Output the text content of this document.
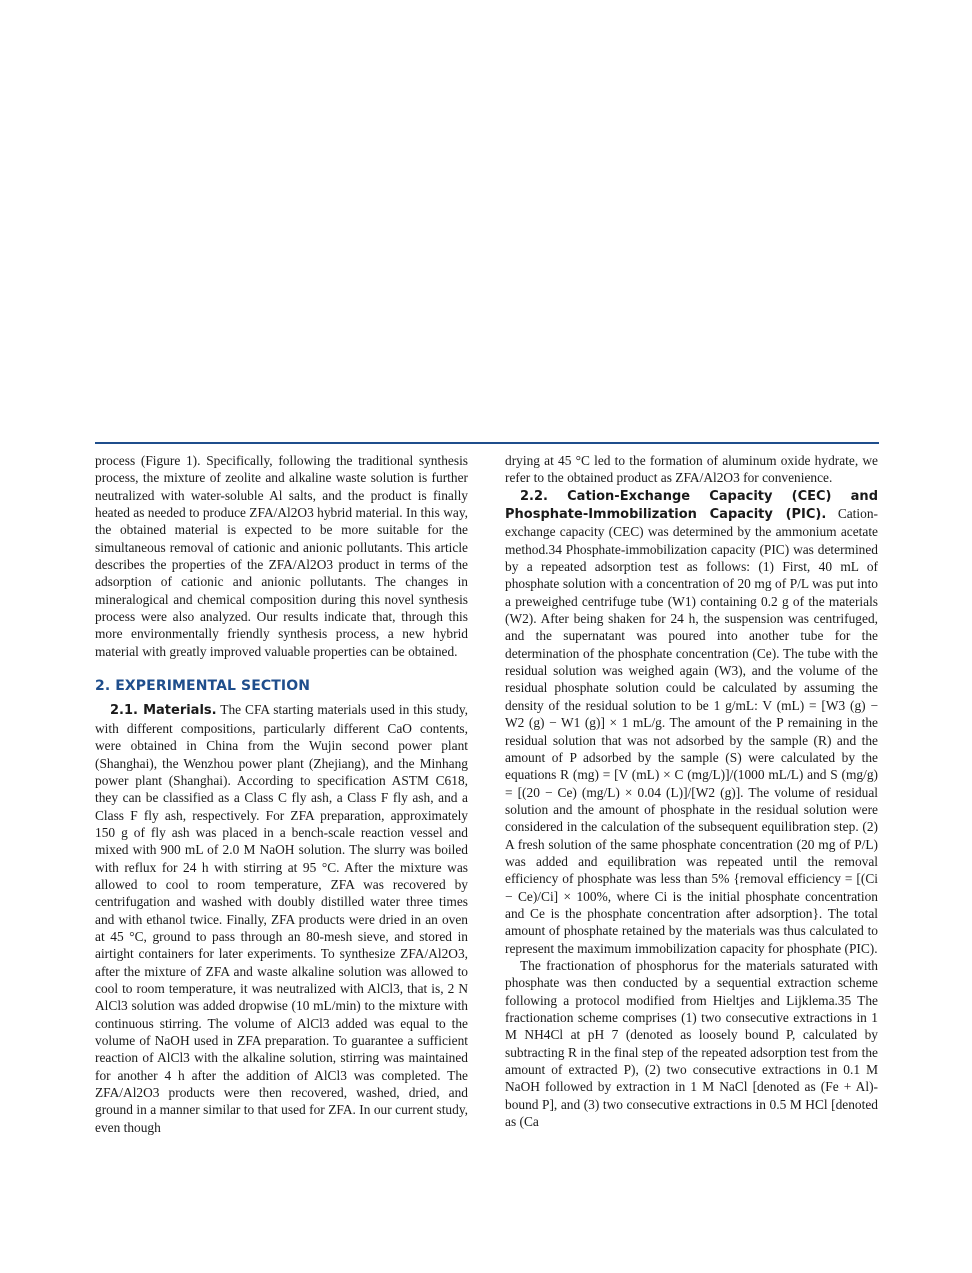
process (Figure 1). Specifically, following the traditional synthesis process, the mixture of zeolite and alkaline waste solution is further neutralized with water-soluble Al salts, and the product is finally heated as needed to produce ZFA/Al2O3 hybrid material. In this way, the obtained material is expected to be more suitable for the simultaneous removal of cationic and anionic pollutants. This article describes the properties of the ZFA/Al2O3 product in terms of the adsorption of cationic and anionic pollutants. The changes in mineralogical and chemical composition during this novel synthesis process were also analyzed. Our results indicate that, through this more environmentally friendly synthesis process, a new hybrid material with greatly improved valuable properties can be obtained.

2. EXPERIMENTAL SECTION

2.1. Materials. The CFA starting materials used in this study, with different compositions, particularly different CaO contents, were obtained in China from the Wujin second power plant (Shanghai), the Wenzhou power plant (Zhejiang), and the Minhang power plant (Shanghai). According to specification ASTM C618, they can be classified as a Class C fly ash, a Class F fly ash, and a Class F fly ash, respectively. For ZFA preparation, approximately 150 g of fly ash was placed in a bench-scale reaction vessel and mixed with 900 mL of 2.0 M NaOH solution. The slurry was boiled with reflux for 24 h with stirring at 95 °C. After the mixture was allowed to cool to room temperature, ZFA was recovered by centrifugation and washed with doubly distilled water three times and with ethanol twice. Finally, ZFA products were dried in an oven at 45 °C, ground to pass through an 80-mesh sieve, and stored in airtight containers for later experiments. To synthesize ZFA/Al2O3, after the mixture of ZFA and waste alkaline solution was allowed to cool to room temperature, it was neutralized with AlCl3, that is, 2 N AlCl3 solution was added dropwise (10 mL/min) to the mixture with continuous stirring. The volume of AlCl3 added was equal to the volume of NaOH used in ZFA preparation. To guarantee a sufficient reaction of AlCl3 with the alkaline solution, stirring was maintained for another 4 h after the addition of AlCl3 was completed. The ZFA/Al2O3 products were then recovered, washed, dried, and ground in a manner similar to that used for ZFA. In our current study, even though

drying at 45 °C led to the formation of aluminum oxide hydrate, we refer to the obtained product as ZFA/Al2O3 for convenience.

2.2. Cation-Exchange Capacity (CEC) and Phosphate-Immobilization Capacity (PIC). Cation-exchange capacity (CEC) was determined by the ammonium acetate method.34 Phosphate-immobilization capacity (PIC) was determined by a repeated adsorption test as follows: (1) First, 40 mL of phosphate solution with a concentration of 20 mg of P/L was put into a preweighed centrifuge tube (W1) containing 0.2 g of the materials (W2). After being shaken for 24 h, the suspension was centrifuged, and the supernatant was poured into another tube for the determination of the phosphate concentration (Ce). The tube with the residual solution was weighed again (W3), and the volume of the residual phosphate solution could be calculated by assuming the density of the residual solution to be 1 g/mL: V (mL) = [W3 (g) − W2 (g) − W1 (g)] × 1 mL/g. The amount of the P remaining in the residual solution that was not adsorbed by the sample (R) and the amount of P adsorbed by the sample (S) were calculated by the equations R (mg) = [V (mL) × C (mg/L)]/(1000 mL/L) and S (mg/g) = [(20 − Ce) (mg/L) × 0.04 (L)]/[W2 (g)]. The volume of residual solution and the amount of phosphate in the residual solution were considered in the calculation of the subsequent equilibration step. (2) A fresh solution of the same phosphate concentration (20 mg of P/L) was added and equilibration was repeated until the removal efficiency of phosphate was less than 5% {removal efficiency = [(Ci − Ce)/Ci] × 100%, where Ci is the initial phosphate concentration and Ce is the phosphate concentration after adsorption}. The total amount of phosphate retained by the materials was thus calculated to represent the maximum immobilization capacity for phosphate (PIC).

The fractionation of phosphorus for the materials saturated with phosphate was then conducted by a sequential extraction scheme following a protocol modified from Hieltjes and Lijklema.35 The fractionation scheme comprises (1) two consecutive extractions in 1 M NH4Cl at pH 7 (denoted as loosely bound P, calculated by subtracting R in the final step of the repeated adsorption test from the amount of extracted P), (2) two consecutive extractions in 0.1 M NaOH followed by extraction in 1 M NaCl [denoted as (Fe + Al)-bound P], and (3) two consecutive extractions in 0.5 M HCl [denoted as (Ca
